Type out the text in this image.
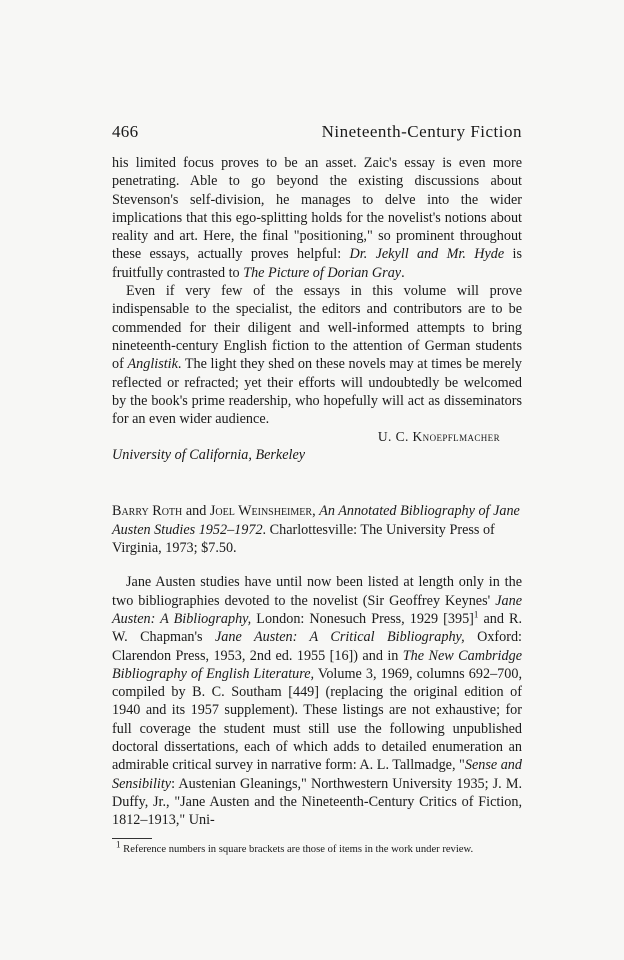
466	Nineteenth-Century Fiction

his limited focus proves to be an asset. Zaic's essay is even more penetrating. Able to go beyond the existing discussions about Stevenson's self-division, he manages to delve into the wider implications that this ego-splitting holds for the novelist's notions about reality and art. Here, the final "positioning," so prominent throughout these essays, actually proves helpful: Dr. Jekyll and Mr. Hyde is fruitfully contrasted to The Picture of Dorian Gray.

Even if very few of the essays in this volume will prove indispensable to the specialist, the editors and contributors are to be commended for their diligent and well-informed attempts to bring nineteenth-century English fiction to the attention of German students of Anglistik. The light they shed on these novels may at times be merely reflected or refracted; yet their efforts will undoubtedly be welcomed by the book's prime readership, who hopefully will act as disseminators for an even wider audience.

U. C. Knoepflmacher
University of California, Berkeley

Barry Roth and Joel Weinsheimer, An Annotated Bibliography of Jane Austen Studies 1952–1972. Charlottesville: The University Press of Virginia, 1973; $7.50.

Jane Austen studies have until now been listed at length only in the two bibliographies devoted to the novelist (Sir Geoffrey Keynes' Jane Austen: A Bibliography, London: Nonesuch Press, 1929 $[395]^1$ and R. W. Chapman's Jane Austen: A Critical Bibliography, Oxford: Clarendon Press, 1953, 2nd ed. 1955 [16]) and in The New Cambridge Bibliography of English Literature, Volume 3, 1969, columns 692–700, compiled by B. C. Southam [449] (replacing the original edition of 1940 and its 1957 supplement). These listings are not exhaustive; for full coverage the student must still use the following unpublished doctoral dissertations, each of which adds to detailed enumeration an admirable critical survey in narrative form: A. L. Tallmadge, "Sense and Sensibility: Austenian Gleanings," Northwestern University 1935; J. M. Duffy, Jr., "Jane Austen and the Nineteenth-Century Critics of Fiction, 1812–1913," Uni-

$^1$ Reference numbers in square brackets are those of items in the work under review.
